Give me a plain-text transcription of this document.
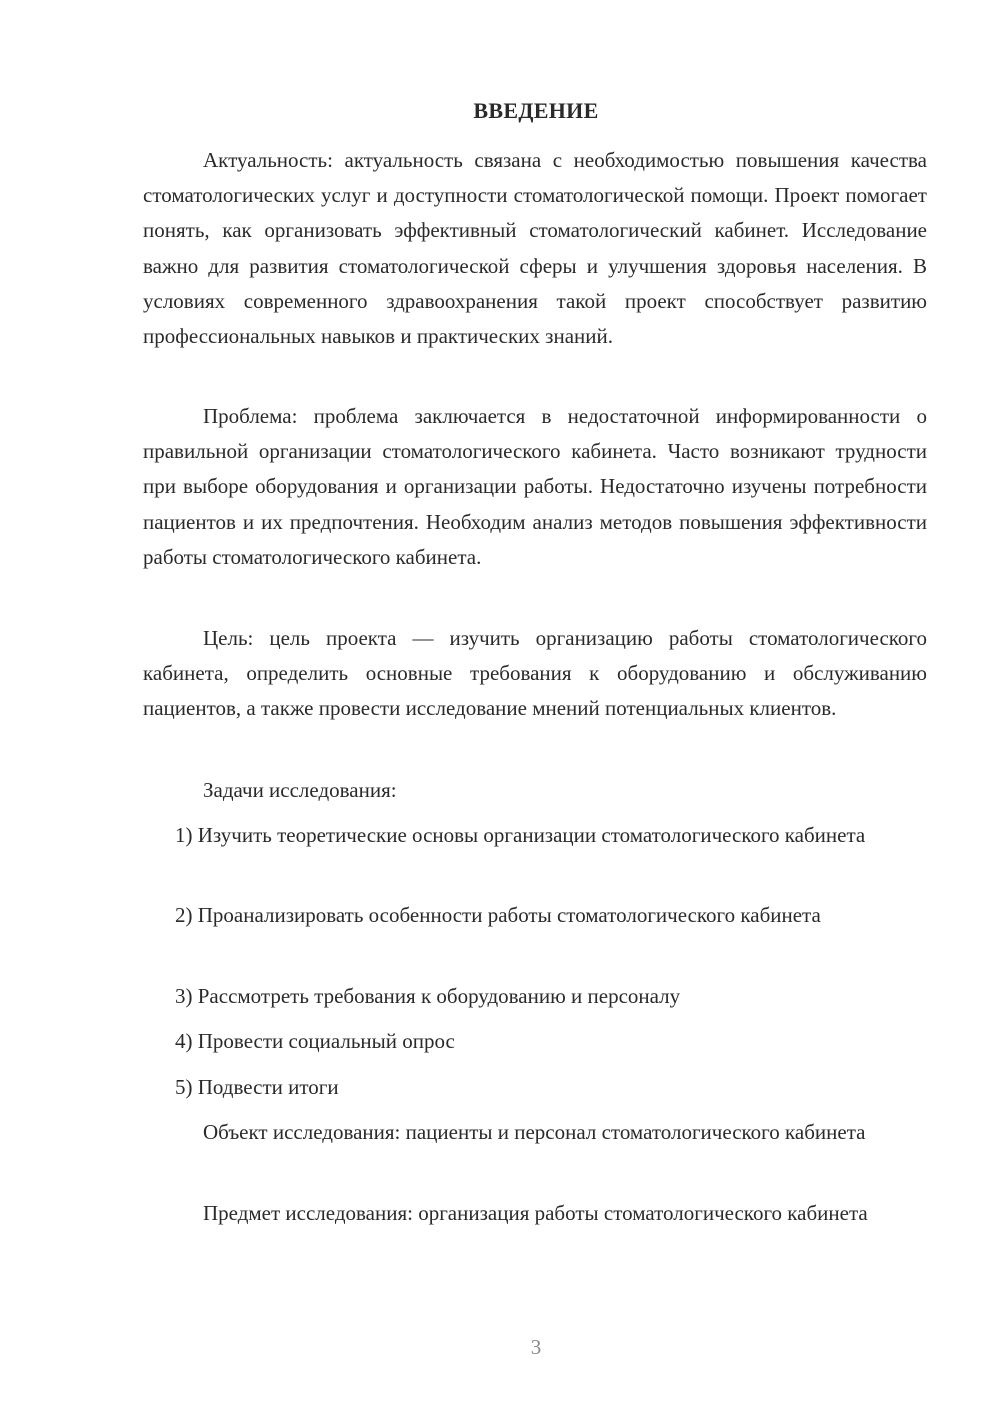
ВВЕДЕНИЕ

Актуальность: актуальность связана с необходимостью повышения качества стоматологических услуг и доступности стоматологической помощи. Проект помогает понять, как организовать эффективный стоматологический кабинет. Исследование важно для развития стоматологической сферы и улучшения здоровья населения. В условиях современного здравоохранения такой проект способствует развитию профессиональных навыков и практических знаний.

Проблема: проблема заключается в недостаточной информированности о правильной организации стоматологического кабинета. Часто возникают трудности при выборе оборудования и организации работы. Недостаточно изучены потребности пациентов и их предпочтения. Необходим анализ методов повышения эффективности работы стоматологического кабинета.

Цель: цель проекта — изучить организацию работы стоматологического кабинета, определить основные требования к оборудованию и обслуживанию пациентов, а также провести исследование мнений потенциальных клиентов.

Задачи исследования:

1) Изучить теоретические основы организации стоматологического кабинета

2) Проанализировать особенности работы стоматологического кабинета

3) Рассмотреть требования к оборудованию и персоналу

4) Провести социальный опрос

5) Подвести итоги

Объект исследования: пациенты и персонал стоматологического кабинета

Предмет исследования: организация работы стоматологического кабинета

3
